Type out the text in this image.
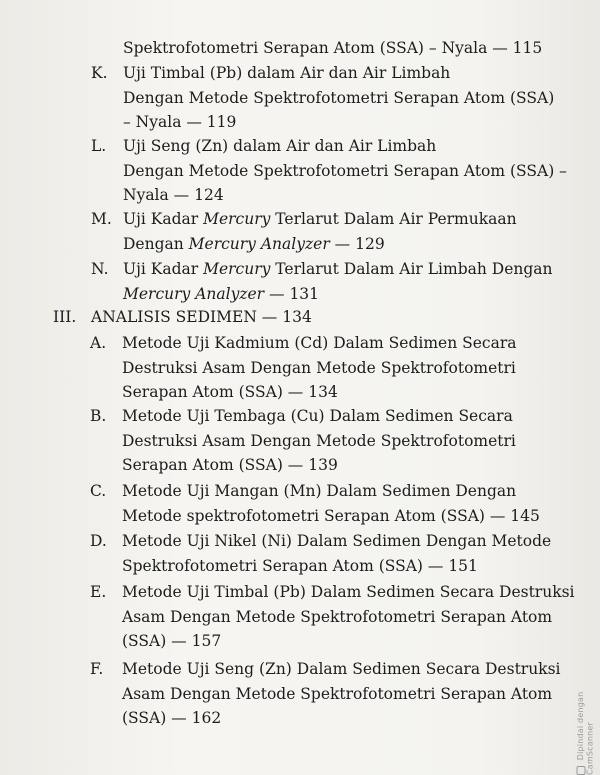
Spektrofotometri Serapan Atom (SSA) – Nyala — 115
K. Uji Timbal (Pb) dalam Air dan Air Limbah
Dengan Metode Spektrofotometri Serapan Atom (SSA)
– Nyala — 119
L. Uji Seng (Zn) dalam Air dan Air Limbah
Dengan Metode Spektrofotometri Serapan Atom (SSA) –
Nyala — 124
M. Uji Kadar Mercury Terlarut Dalam Air Permukaan
Dengan Mercury Analyzer — 129
N. Uji Kadar Mercury Terlarut Dalam Air Limbah Dengan
Mercury Analyzer — 131
III. ANALISIS SEDIMEN — 134
A. Metode Uji Kadmium (Cd) Dalam Sedimen Secara
Destruksi Asam Dengan Metode Spektrofotometri
Serapan Atom (SSA) — 134
B. Metode Uji Tembaga (Cu) Dalam Sedimen Secara
Destruksi Asam Dengan Metode Spektrofotometri
Serapan Atom (SSA) — 139
C. Metode Uji Mangan (Mn) Dalam Sedimen Dengan
Metode spektrofotometri Serapan Atom (SSA) — 145
D. Metode Uji Nikel (Ni) Dalam Sedimen Dengan Metode
Spektrofotometri Serapan Atom (SSA) — 151
E. Metode Uji Timbal (Pb) Dalam Sedimen Secara Destruksi
Asam Dengan Metode Spektrofotometri Serapan Atom
(SSA) — 157
F. Metode Uji Seng (Zn) Dalam Sedimen Secara Destruksi
Asam Dengan Metode Spektrofotometri Serapan Atom
(SSA) — 162	Dipindai dengan CamScanner
